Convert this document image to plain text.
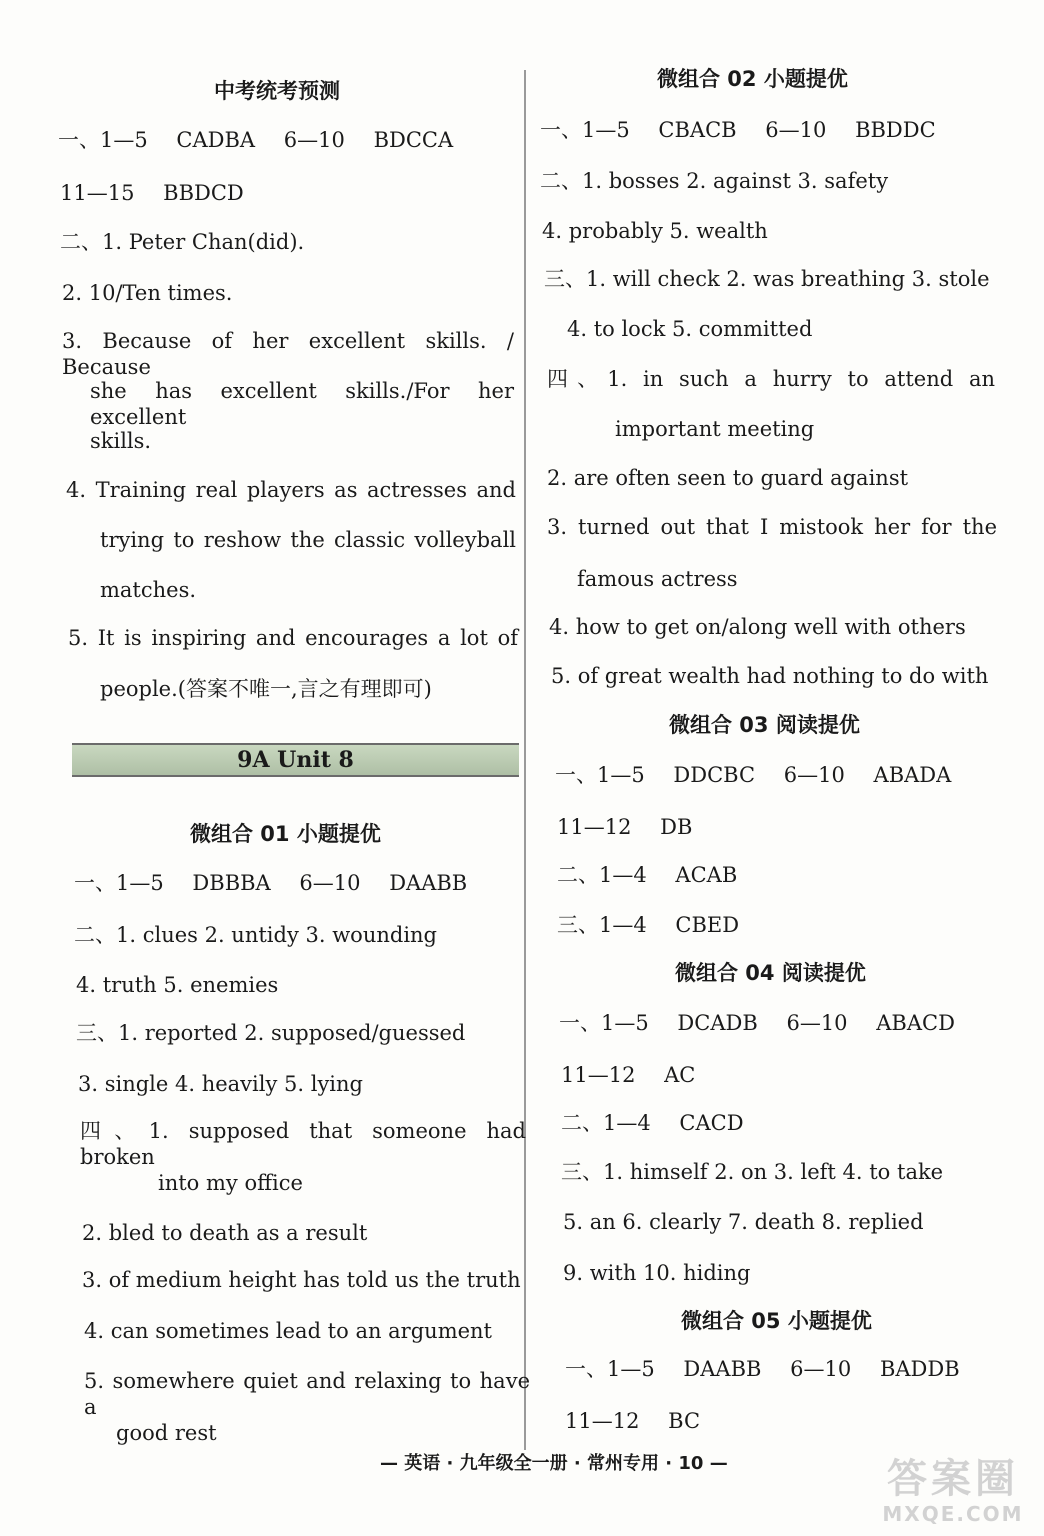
中考统考预测
一、1—5 CADBA 6—10 BDCCA
11—15 BBDCD
二、1. Peter Chan(did).
2. 10/Ten times.
3. Because of her excellent skills. / Because
she has excellent skills./For her excellent
skills.
4. Training real players as actresses and
trying to reshow the classic volleyball
matches.
5. It is inspiring and encourages a lot of
people.(答案不唯一,言之有理即可)
9A Unit 8
微组合 01 小题提优
一、1—5 DBBBA 6—10 DAABB
二、1. clues 2. untidy 3. wounding
4. truth 5. enemies
三、1. reported 2. supposed/guessed
3. single 4. heavily 5. lying
四、1. supposed that someone had broken
into my office
2. bled to death as a result
3. of medium height has told us the truth
4. can sometimes lead to an argument
5. somewhere quiet and relaxing to have a
good rest
微组合 02 小题提优
一、1—5 CBACB 6—10 BBDDC
二、1. bosses 2. against 3. safety
4. probably 5. wealth
三、1. will check 2. was breathing 3. stole
4. to lock 5. committed
四、1. in such a hurry to attend an
important meeting
2. are often seen to guard against
3. turned out that I mistook her for the
famous actress
4. how to get on/along well with others
5. of great wealth had nothing to do with
微组合 03 阅读提优
一、1—5 DDCBC 6—10 ABADA
11—12 DB
二、1—4 ACAB
三、1—4 CBED
微组合 04 阅读提优
一、1—5 DCADB 6—10 ABACD
11—12 AC
二、1—4 CACD
三、1. himself 2. on 3. left 4. to take
5. an 6. clearly 7. death 8. replied
9. with 10. hiding
微组合 05 小题提优
一、1—5 DAABB 6—10 BADDB
11—12 BC
— 英语 · 九年级全一册 · 常州专用 · 10 —	答案圈
MXQE.COM
